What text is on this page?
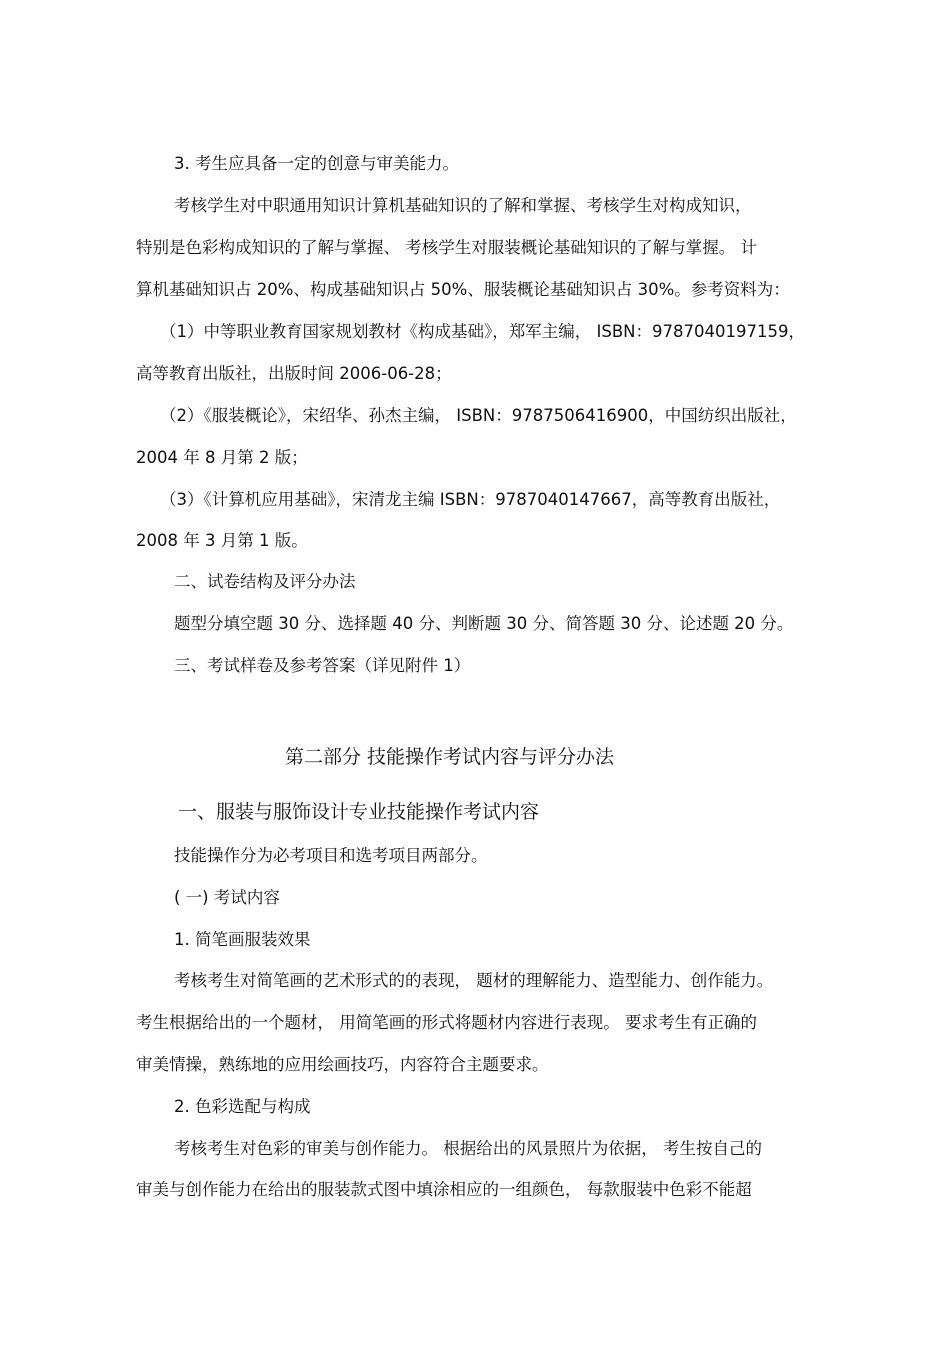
3. 考生应具备一定的创意与审美能力。
考核学生对中职通用知识计算机基础知识的了解和掌握、考核学生对构成知识，
特别是色彩构成知识的了解与掌握、 考核学生对服装概论基础知识的了解与掌握。 计
算机基础知识占 20%、构成基础知识占 50%、服装概论基础知识占 30%。参考资料为：
（1）中等职业教育国家规划教材《构成基础》，郑军主编， ISBN：9787040197159，
高等教育出版社，出版时间 2006-06-28；
（2）《服装概论》，宋绍华、孙杰主编， ISBN：9787506416900，中国纺织出版社，
2004 年 8 月第 2 版；
（3）《计算机应用基础》，宋清龙主编 ISBN：9787040147667，高等教育出版社，
2008 年 3 月第 1 版。
二、试卷结构及评分办法
题型分填空题 30 分、选择题 40 分、判断题 30 分、简答题 30 分、论述题 20 分。
三、考试样卷及参考答案（详见附件 1）
第二部分 技能操作考试内容与评分办法
一、服装与服饰设计专业技能操作考试内容
技能操作分为必考项目和选考项目两部分。
( 一) 考试内容
1. 简笔画服装效果
考核考生对简笔画的艺术形式的的表现， 题材的理解能力、造型能力、创作能力。
考生根据给出的一个题材， 用简笔画的形式将题材内容进行表现。 要求考生有正确的
审美情操，熟练地的应用绘画技巧，内容符合主题要求。
2. 色彩选配与构成
考核考生对色彩的审美与创作能力。 根据给出的风景照片为依据， 考生按自己的
审美与创作能力在给出的服装款式图中填涂相应的一组颜色， 每款服装中色彩不能超
